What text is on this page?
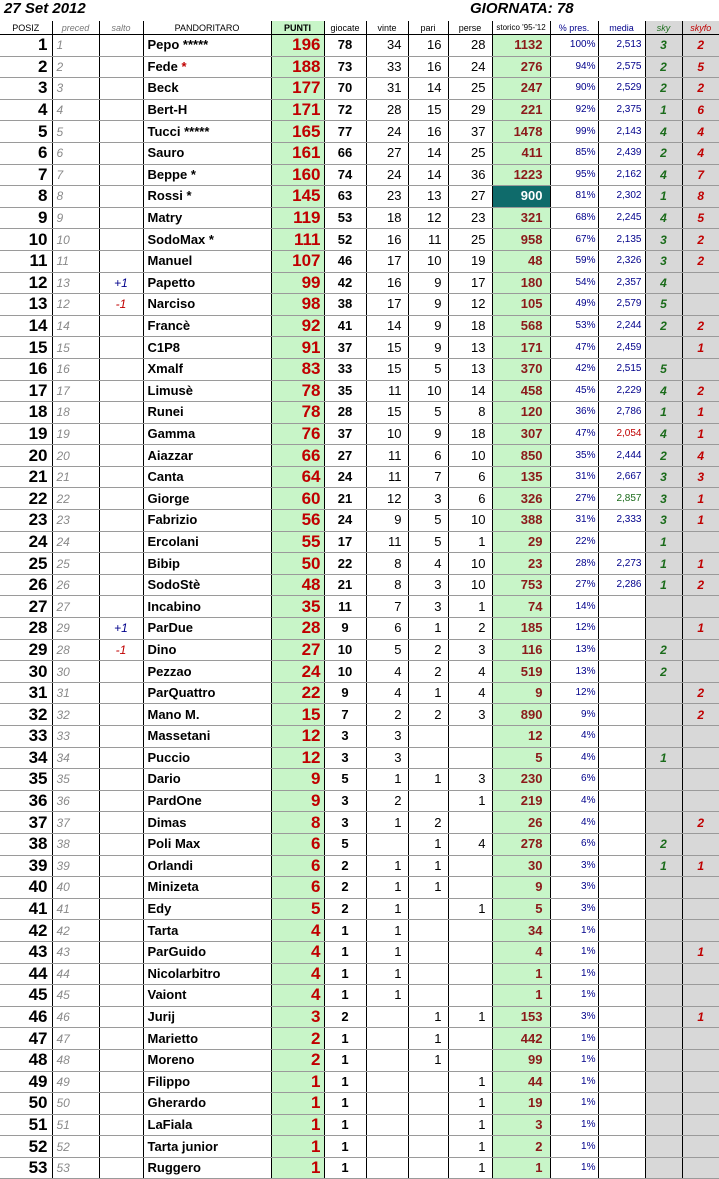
27 Set 2012	GIORNATA: 78
POSIZ	preced	salto	PANDORITARO	PUNTI	giocate	vinte	pari	perse	storico '95-'12	% pres.	media	sky	skyfo
1	1		Pepo *****	196	78	34	16	28	1132	100%	2,513	3	2
2	2		Fede *	188	73	33	16	24	276	94%	2,575	2	5
3	3		Beck	177	70	31	14	25	247	90%	2,529	2	2
4	4		Bert-H	171	72	28	15	29	221	92%	2,375	1	6
5	5		Tucci *****	165	77	24	16	37	1478	99%	2,143	4	4
6	6		Sauro	161	66	27	14	25	411	85%	2,439	2	4
7	7		Beppe *	160	74	24	14	36	1223	95%	2,162	4	7
8	8		Rossi *	145	63	23	13	27	900	81%	2,302	1	8
9	9		Matry	119	53	18	12	23	321	68%	2,245	4	5
10	10		SodoMax *	111	52	16	11	25	958	67%	2,135	3	2
11	11		Manuel	107	46	17	10	19	48	59%	2,326	3	2
12	13	+1	Papetto	99	42	16	9	17	180	54%	2,357	4	
13	12	-1	Narciso	98	38	17	9	12	105	49%	2,579	5	
14	14		Francè	92	41	14	9	18	568	53%	2,244	2	2
15	15		C1P8	91	37	15	9	13	171	47%	2,459		1
16	16		Xmalf	83	33	15	5	13	370	42%	2,515	5	
17	17		Limusè	78	35	11	10	14	458	45%	2,229	4	2
18	18		Runei	78	28	15	5	8	120	36%	2,786	1	1
19	19		Gamma	76	37	10	9	18	307	47%	2,054	4	1
20	20		Aiazzar	66	27	11	6	10	850	35%	2,444	2	4
21	21		Canta	64	24	11	7	6	135	31%	2,667	3	3
22	22		Giorge	60	21	12	3	6	326	27%	2,857	3	1
23	23		Fabrizio	56	24	9	5	10	388	31%	2,333	3	1
24	24		Ercolani	55	17	11	5	1	29	22%		1	
25	25		Bibip	50	22	8	4	10	23	28%	2,273	1	1
26	26		SodoStè	48	21	8	3	10	753	27%	2,286	1	2
27	27		Incabino	35	11	7	3	1	74	14%			
28	29	+1	ParDue	28	9	6	1	2	185	12%			1
29	28	-1	Dino	27	10	5	2	3	116	13%		2	
30	30		Pezzao	24	10	4	2	4	519	13%		2	
31	31		ParQuattro	22	9	4	1	4	9	12%			2
32	32		Mano M.	15	7	2	2	3	890	9%			2
33	33		Massetani	12	3	3			12	4%			
34	34		Puccio	12	3	3			5	4%		1	
35	35		Dario	9	5	1	1	3	230	6%			
36	36		PardOne	9	3	2		1	219	4%			
37	37		Dimas	8	3	1	2		26	4%			2
38	38		Poli Max	6	5		1	4	278	6%		2	
39	39		Orlandi	6	2	1	1		30	3%		1	1
40	40		Minizeta	6	2	1	1		9	3%			
41	41		Edy	5	2	1		1	5	3%			
42	42		Tarta	4	1	1			34	1%			
43	43		ParGuido	4	1	1			4	1%			1
44	44		Nicolarbitro	4	1	1			1	1%			
45	45		Vaiont	4	1	1			1	1%			
46	46		Jurij	3	2		1	1	153	3%			1
47	47		Marietto	2	1		1		442	1%			
48	48		Moreno	2	1		1		99	1%			
49	49		Filippo	1	1			1	44	1%			
50	50		Gherardo	1	1			1	19	1%			
51	51		LaFiala	1	1			1	3	1%			
52	52		Tarta junior	1	1			1	2	1%			
53	53		Ruggero	1	1			1	1	1%			
